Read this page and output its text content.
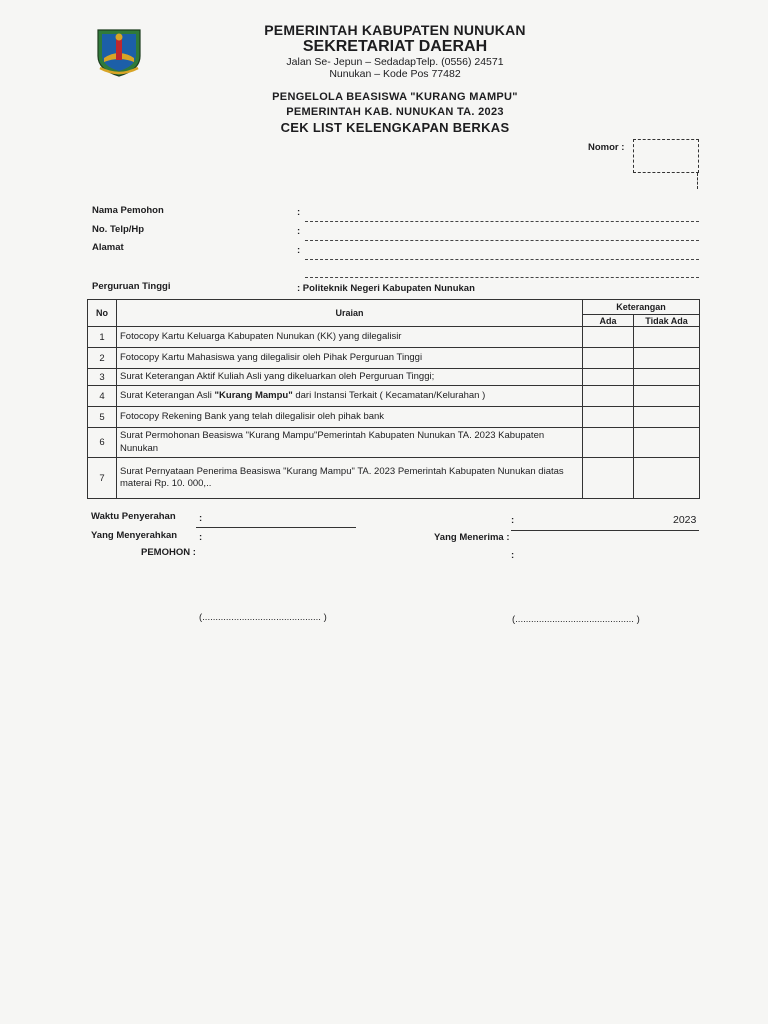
PEMERINTAH KABUPATEN NUNUKAN
SEKRETARIAT DAERAH
Jalan Se- Jepun – SedadapTelp. (0556) 24571
Nunukan – Kode Pos 77482
PENGELOLA BEASISWA "KURANG MAMPU"
PEMERINTAH KAB. NUNUKAN TA. 2023
CEK LIST KELENGKAPAN BERKAS
Nomor :
Nama Pemohon	:
No. Telp/Hp	:
Alamat	:
Perguruan Tinggi	: Politeknik Negeri Kabupaten Nunukan
No	Uraian	Keterangan	
		Ada	Tidak Ada
1	Fotocopy Kartu Keluarga Kabupaten Nunukan (KK) yang dilegalisir		
2	Fotocopy Kartu Mahasiswa yang dilegalisir oleh Pihak Perguruan Tinggi		
3	Surat Keterangan Aktif Kuliah Asli yang dikeluarkan oleh Perguruan Tinggi;		
4	Surat Keterangan Asli "Kurang Mampu" dari Instansi Terkait ( Kecamatan/Kelurahan )		
5	Fotocopy Rekening Bank yang telah dilegalisir oleh pihak bank		
6	Surat Permohonan Beasiswa "Kurang Mampu"Pemerintah Kabupaten Nunukan TA. 2023 Kabupaten Nunukan		
7	Surat Pernyataan Penerima Beasiswa "Kurang Mampu" TA. 2023 Pemerintah Kabupaten Nunukan diatas materai Rp. 10. 000,..		
Waktu Penyerahan :	:	2023
Yang Menyerahkan :	Yang Menerima :
PEMOHON :	:
(............................................. )	(............................................. )
